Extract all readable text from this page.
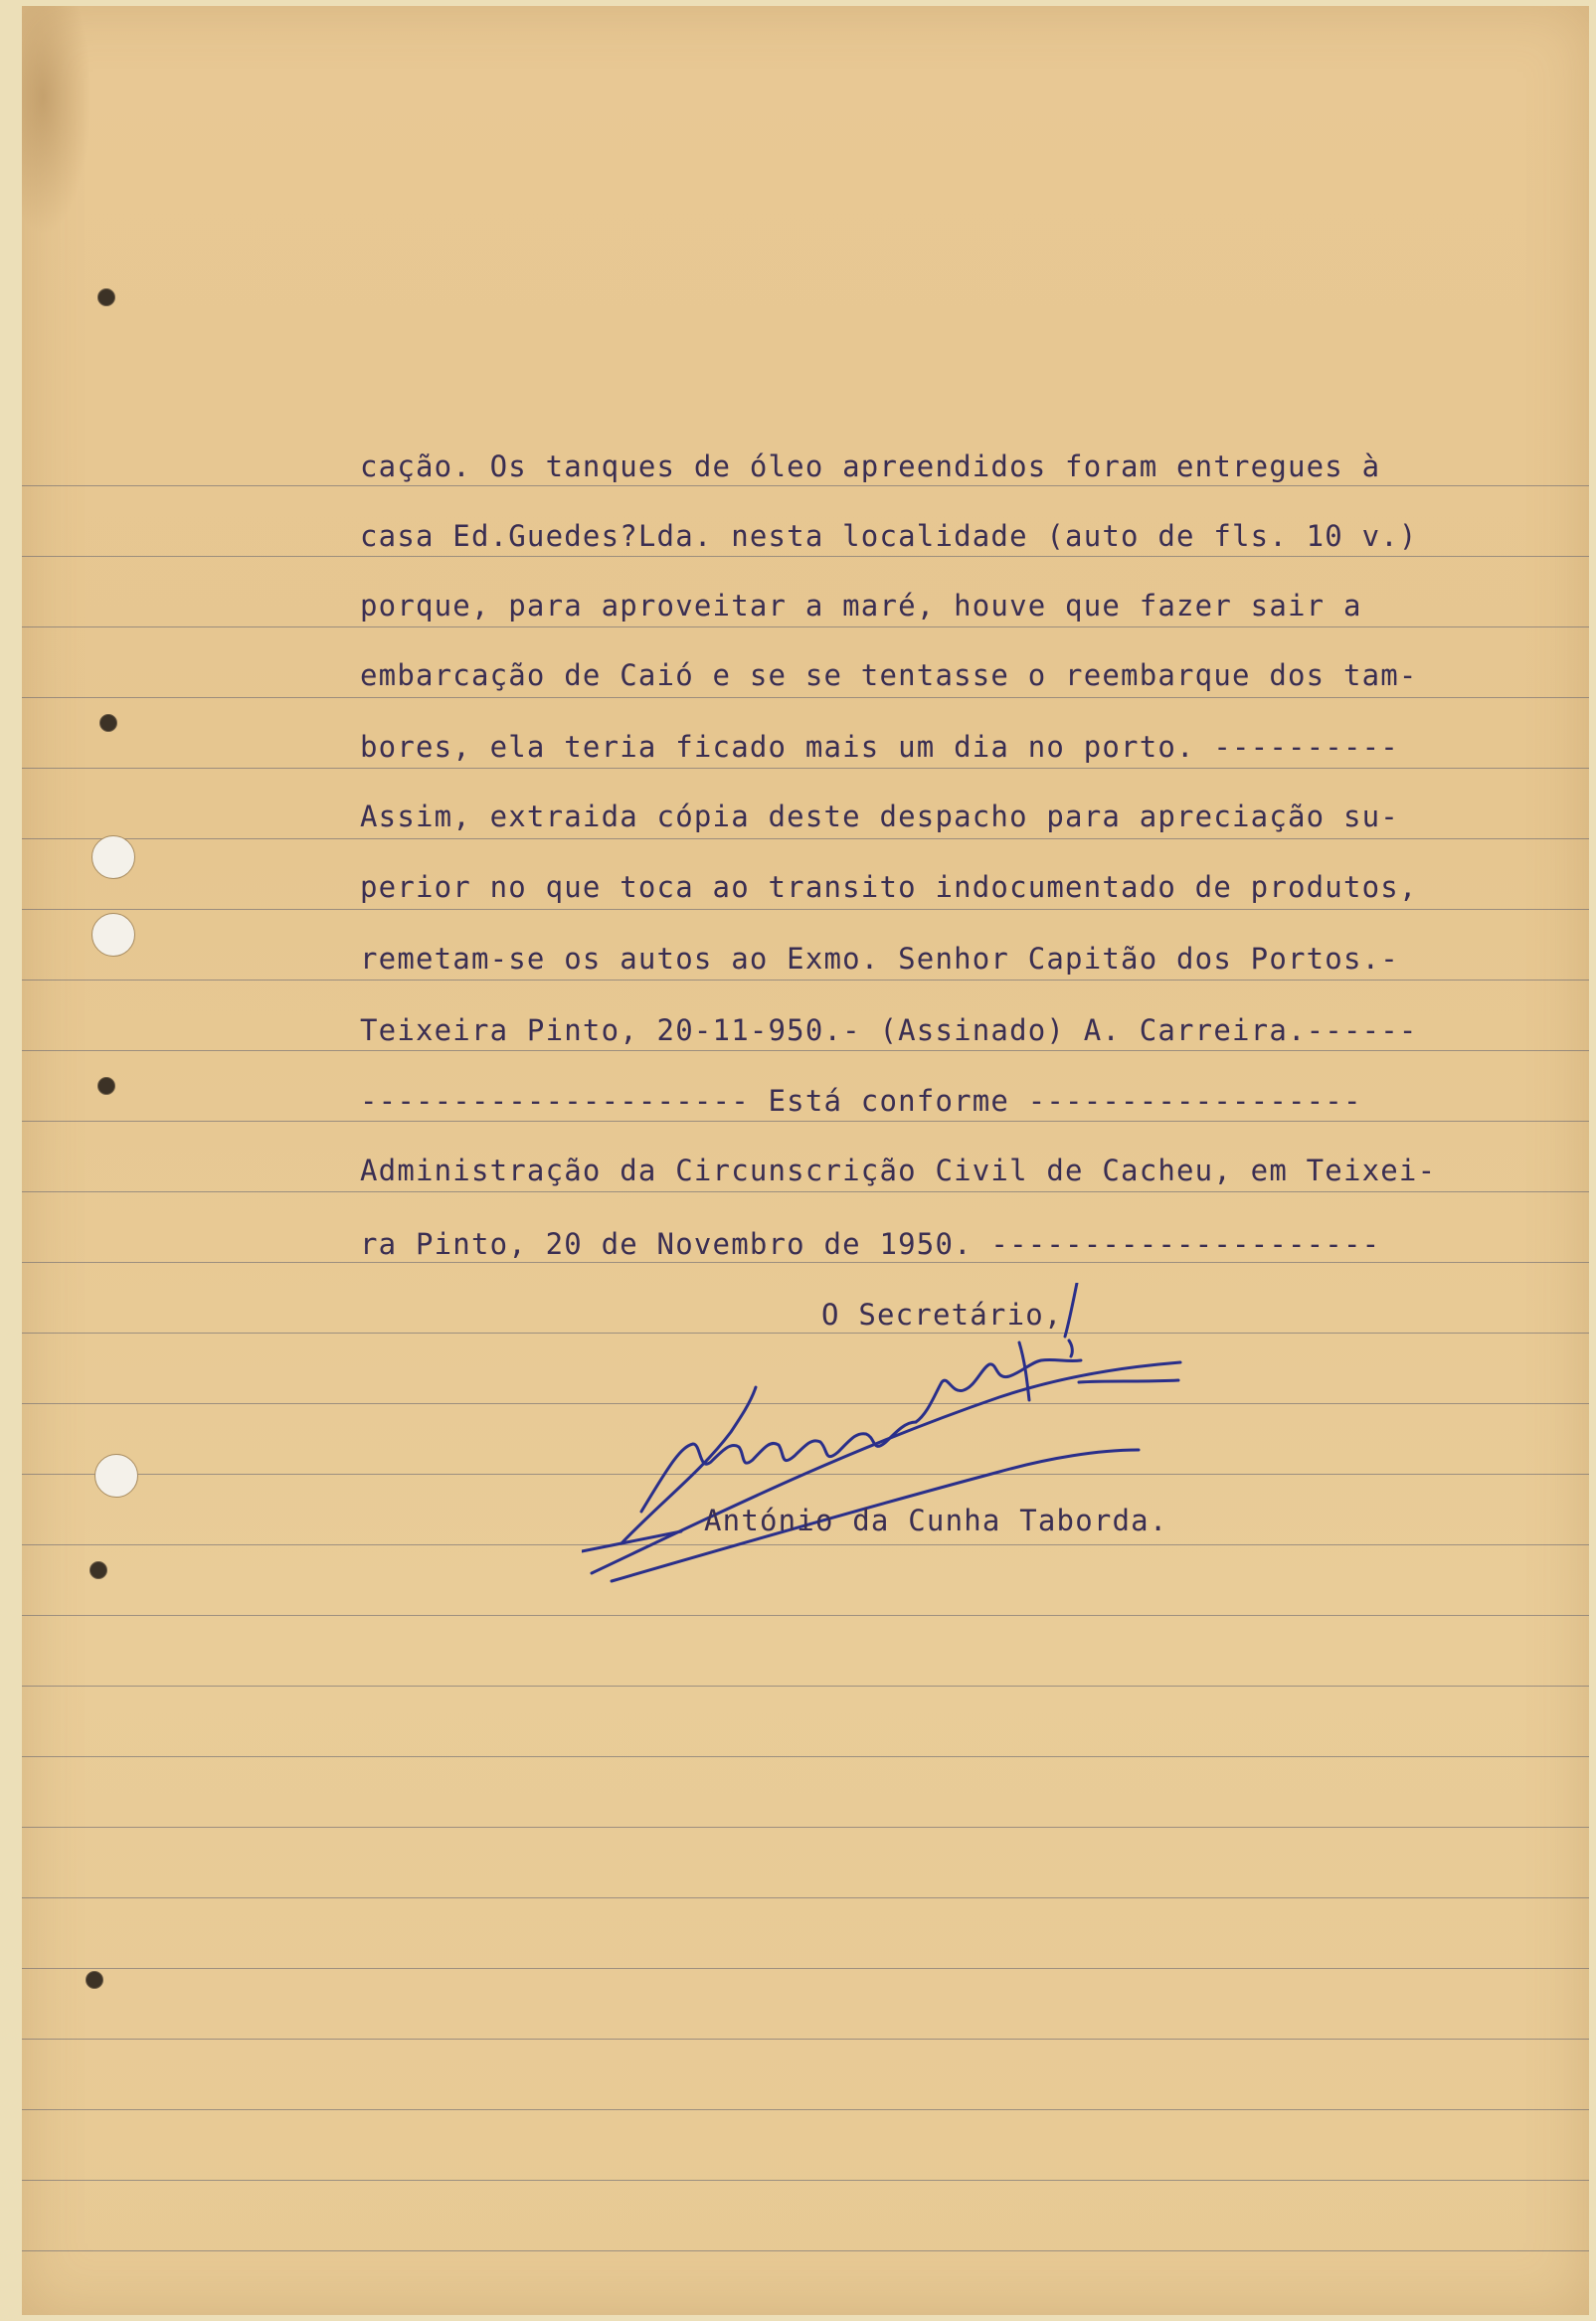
cação. Os tanques de óleo apreendidos foram entregues à
casa Ed.Guedes?Lda. nesta localidade (auto de fls. 10 v.)
porque, para aproveitar a maré, houve que fazer sair a
embarcação de Caió e se se tentasse o reembarque dos tam-
bores, ela teria ficado mais um dia no porto. ----------
Assim, extraida cópia deste despacho para apreciação su-
perior no que toca ao transito indocumentado de produtos,
remetam-se os autos ao Exmo. Senhor Capitão dos Portos.-
Teixeira Pinto, 20-11-950.- (Assinado) A. Carreira.------
--------------------- Está conforme ------------------
Administração da Circunscrição Civil de Cacheu, em Teixei-
ra Pinto, 20 de Novembro de 1950. ---------------------
O Secretário,
António da Cunha Taborda.
